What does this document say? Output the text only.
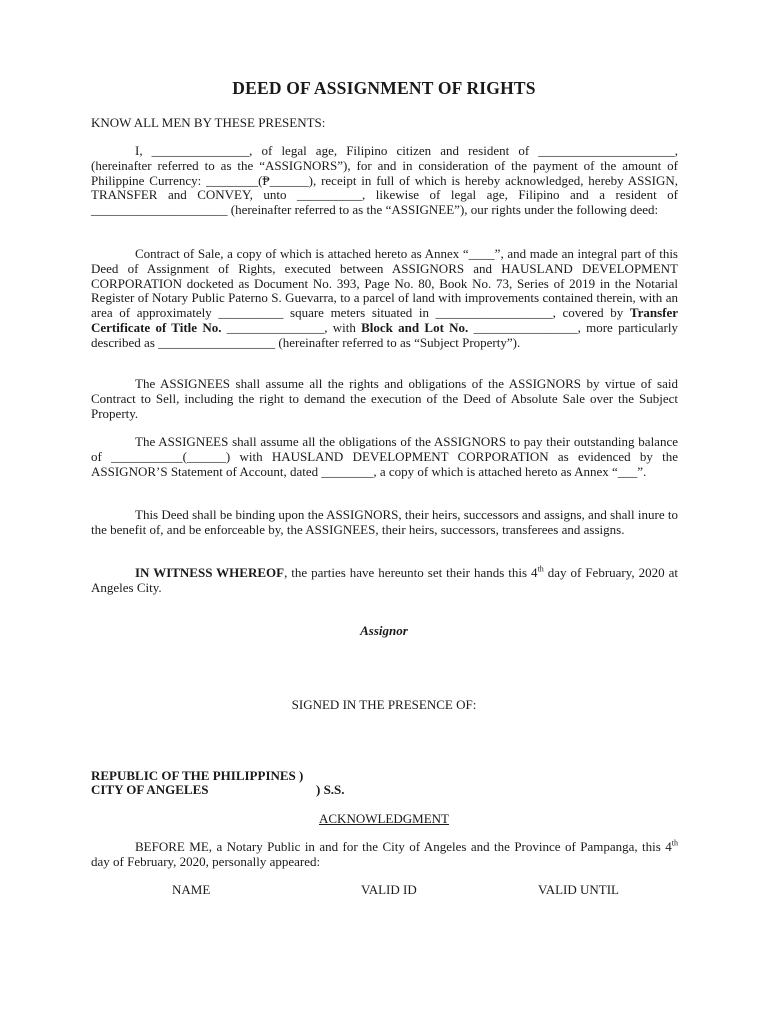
DEED OF ASSIGNMENT OF RIGHTS
KNOW ALL MEN BY THESE PRESENTS:
I, _______________, of legal age, Filipino citizen and resident of _____________________, (hereinafter referred to as the “ASSIGNORS”), for and in consideration of the payment of the amount of Philippine Currency: ________(₱______), receipt in full of which is hereby acknowledged, hereby ASSIGN, TRANSFER and CONVEY, unto __________, likewise of legal age, Filipino and a resident of _____________________ (hereinafter referred to as the “ASSIGNEE”), our rights under the following deed:
Contract of Sale, a copy of which is attached hereto as Annex “____”, and made an integral part of this Deed of Assignment of Rights, executed between ASSIGNORS and HAUSLAND DEVELOPMENT CORPORATION docketed as Document No. 393, Page No. 80, Book No. 73, Series of 2019 in the Notarial Register of Notary Public Paterno S. Guevarra, to a parcel of land with improvements contained therein, with an area of approximately __________ square meters situated in __________________, covered by Transfer Certificate of Title No. _______________, with Block and Lot No. ________________, more particularly described as __________________ (hereinafter referred to as “Subject Property”).
The ASSIGNEES shall assume all the rights and obligations of the ASSIGNORS by virtue of said Contract to Sell, including the right to demand the execution of the Deed of Absolute Sale over the Subject Property.
The ASSIGNEES shall assume all the obligations of the ASSIGNORS to pay their outstanding balance of ___________(______) with HAUSLAND DEVELOPMENT CORPORATION as evidenced by the ASSIGNOR’S Statement of Account, dated ________, a copy of which is attached hereto as Annex “___”.
This Deed shall be binding upon the ASSIGNORS, their heirs, successors and assigns, and shall inure to the benefit of, and be enforceable by, the ASSIGNEES, their heirs, successors, transferees and assigns.
IN WITNESS WHEREOF, the parties have hereunto set their hands this 4th day of February, 2020 at Angeles City.
Assignor
SIGNED IN THE PRESENCE OF:
REPUBLIC OF THE PHILIPPINES )
CITY OF ANGELES	) S.S.
ACKNOWLEDGMENT
BEFORE ME, a Notary Public in and for the City of Angeles and the Province of Pampanga, this 4th day of February, 2020, personally appeared:
NAME	VALID ID	VALID UNTIL
